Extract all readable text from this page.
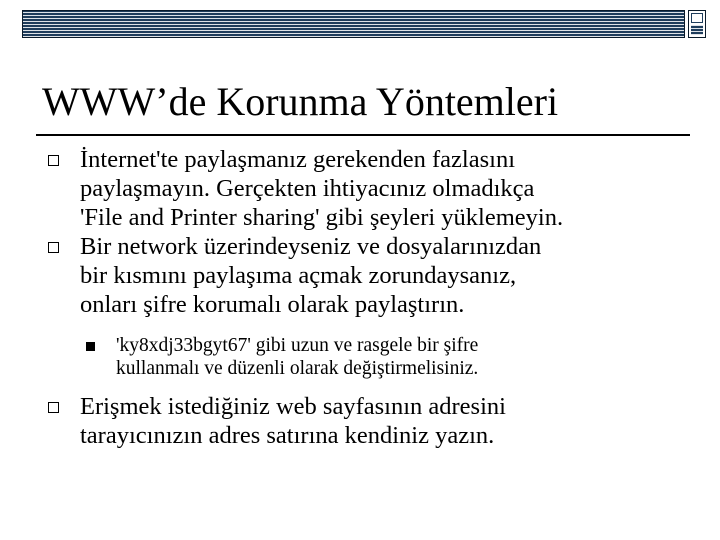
WWW’de Korunma Yöntemleri
İnternet'te paylaşmanız gerekenden fazlasını
paylaşmayın. Gerçekten ihtiyacınız olmadıkça
'File and Printer sharing' gibi şeyleri yüklemeyin.
Bir network üzerindeyseniz ve dosyalarınızdan
bir kısmını paylaşıma açmak zorundaysanız,
onları şifre korumalı olarak paylaştırın.
'ky8xdj33bgyt67' gibi uzun ve rasgele bir şifre
kullanmalı ve düzenli olarak değiştirmelisiniz.
Erişmek istediğiniz web sayfasının adresini
tarayıcınızın adres satırına kendiniz yazın.
